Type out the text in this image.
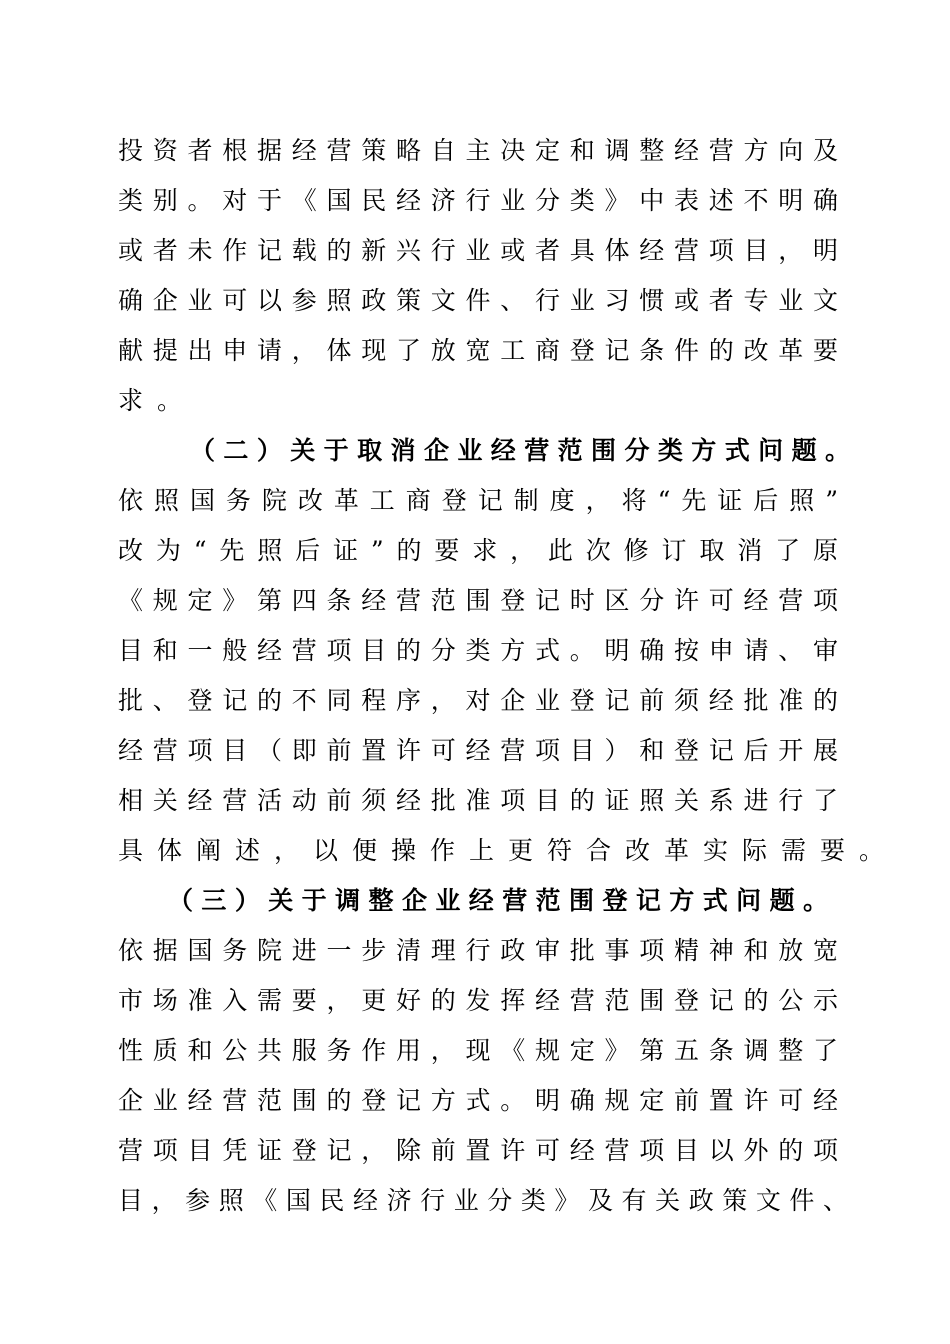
投资者根据经营策略自主决定和调整经营方向及
类别。对于《国民经济行业分类》中表述不明确
或者未作记载的新兴行业或者具体经营项目，明
确企业可以参照政策文件、行业习惯或者专业文
献提出申请，体现了放宽工商登记条件的改革要
求。
（二）关于取消企业经营范围分类方式问题。
依照国务院改革工商登记制度，将“先证后照”
改为“先照后证”的要求，此次修订取消了原
《规定》第四条经营范围登记时区分许可经营项
目和一般经营项目的分类方式。明确按申请、审
批、登记的不同程序，对企业登记前须经批准的
经营项目（即前置许可经营项目）和登记后开展
相关经营活动前须经批准项目的证照关系进行了
具体阐述，以便操作上更符合改革实际需要。
（三）关于调整企业经营范围登记方式问题。
依据国务院进一步清理行政审批事项精神和放宽
市场准入需要，更好的发挥经营范围登记的公示
性质和公共服务作用，现《规定》第五条调整了
企业经营范围的登记方式。明确规定前置许可经
营项目凭证登记，除前置许可经营项目以外的项
目，参照《国民经济行业分类》及有关政策文件、
